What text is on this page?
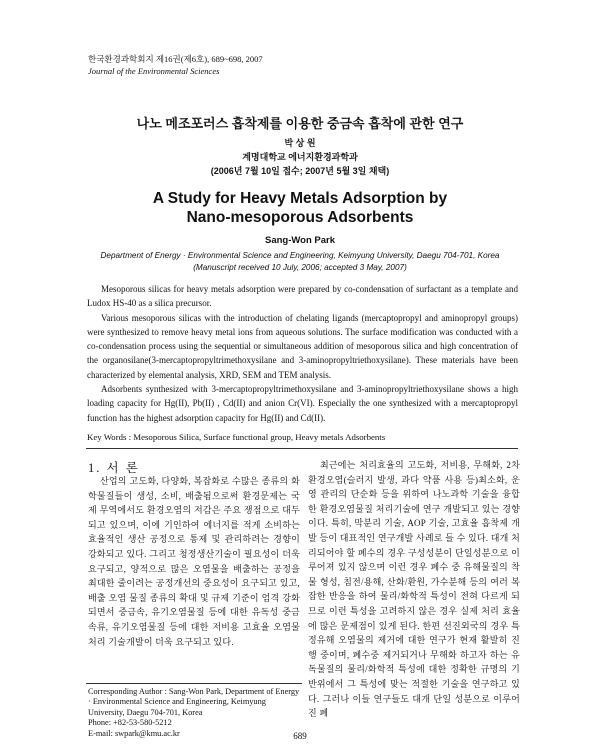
한국환경과학회지 제16권(제6호), 689~698, 2007
Journal of the Environmental Sciences
나노 메조포러스 흡착제를 이용한 중금속 흡착에 관한 연구
박 상 원
계명대학교 에너지환경과학과
(2006년 7월 10일 접수; 2007년 5월 3일 채택)
A Study for Heavy Metals Adsorption by
Nano-mesoporous Adsorbents
Sang-Won Park
Department of Energy · Environmental Science and Engineering, Keimyung University, Daegu 704-701, Korea
(Manuscript received 10 July, 2006; accepted 3 May, 2007)

Mesoporous silicas for heavy metals adsorption were prepared by co-condensation of surfactant as a template and Ludox HS-40 as a silica precursor.

Various mesoporous silicas with the introduction of chelating ligands (mercaptopropyl and aminopropyl groups) were synthesized to remove heavy metal ions from aqueous solutions. The surface modification was conducted with a co-condensation process using the sequential or simultaneous addition of mesoporous silica and high concentration of the organosilane(3-mercaptopropyltrimethoxysilane and 3-aminopropyltriethoxysilane). These materials have been characterized by elemental analysis, XRD, SEM and TEM analysis.

Adsorbents synthesized with 3-mercaptopropyltrimethoxysilane and 3-aminopropyltriethoxysilane shows a high loading capacity for Hg(II), Pb(II) , Cd(II) and anion Cr(VI). Especially the one synthesized with a mercaptopropyl function has the highest adsorption capacity for Hg(II) and Cd(II).

Key Words : Mesoporous Silica, Surface functional group, Heavy metals Adsorbents
1. 서 론

산업의 고도화, 다양화, 복잡화로 수많은 종류의 화학물질들이 생성, 소비, 배출됨으로써 환경문제는 국제 무역에서도 환경오염의 저감은 주요 쟁점으로 대두되고 있으며, 이에 기인하여 에너지를 적게 소비하는 효율적인 생산 공정으로 통제 및 관리하려는 경향이 강화되고 있다. 그리고 청정생산기술이 필요성이 더욱 요구되고, 양적으로 많은 오염물을 배출하는 공정을 최대한 줄이려는 공정개선의 중요성이 요구되고 있고, 배출 오염 물질 종류의 확대 및 규제 기준이 엄격 강화되면서 중금속, 유기오염물질 등에 대한 유독성 중금속류, 유기오염물질 등에 대한 저비용 고효율 오염물 처리 기술개발이 더욱 요구되고 있다.

Corresponding Author : Sang-Won Park, Department of Energy · Environmental Science and Engineering, Keimyung University, Daegu 704-701, Korea
Phone: +82-53-580-5212
E-mail: swpark@kmu.ac.kr

최근에는 처리효율의 고도화, 저비용, 무해화, 2차 환경오염(슬러지 발생, 과다 약품 사용 등)최소화, 운영 관리의 단순화 등을 위하여 나노과학 기술을 융합한 환경오염물질 처리기술에 연구 개발되고 있는 경향이다. 특히, 막분리 기술, AOP 기술, 고효율 흡착제 개발 등이 대표적인 연구개발 사례로 들 수 있다. 대개 처리되어야 할 폐수의 경우 구성성분이 단일성분으로 이루어져 있지 않으며 이런 경우 폐수 중 유해물질의 착물 형성, 침전/용해, 산화/환원, 가수분해 등의 여러 복잡한 반응을 하여 물리/화학적 특성이 전혀 다르게 되므로 이런 특성을 고려하지 않은 경우 실제 처리 효율에 많은 문제점이 있게 된다. 한편 선진외국의 경우 특정유해 오염물의 제거에 대한 연구가 현재 활발히 진행 중이며, 폐수중 제거되거나 무해화 하고자 하는 유독물질의 물리/화학적 특성에 대한 정확한 규명의 기반위에서 그 특성에 맞는 적절한 기술을 연구하고 있다. 그러나 이들 연구들도 대개 단일 성분으로 이루어진 폐

689
